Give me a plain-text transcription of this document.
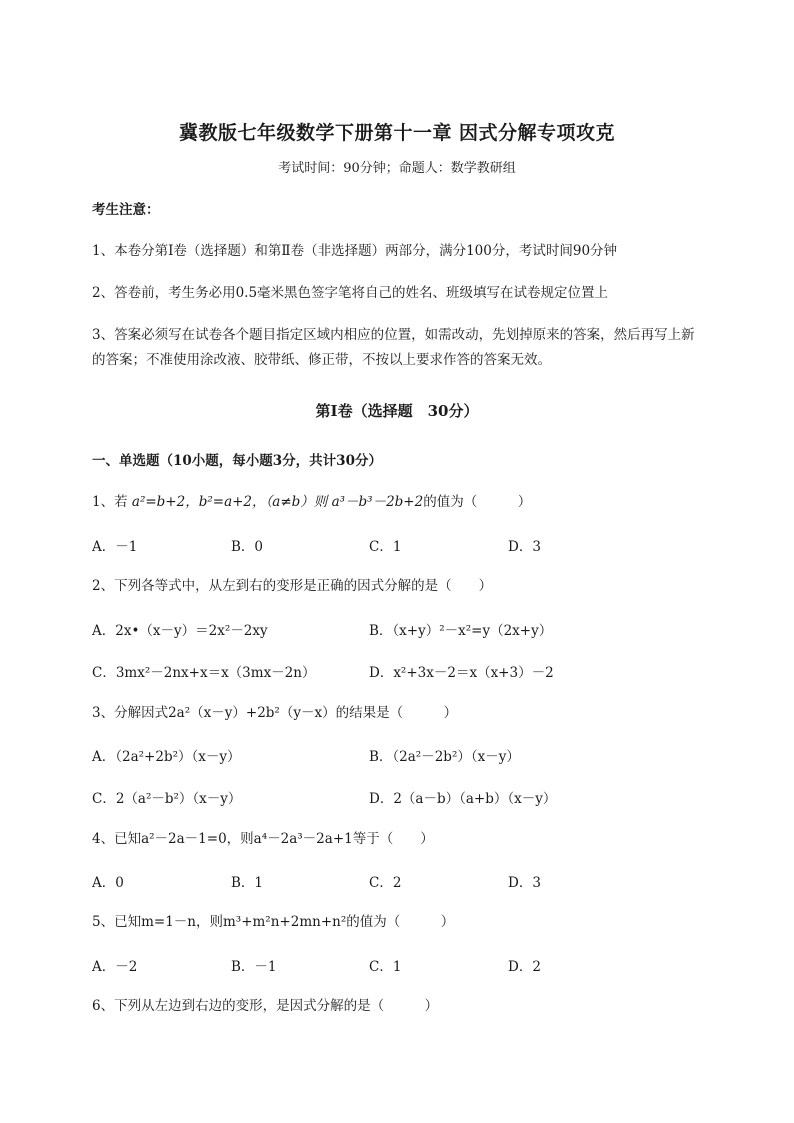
冀教版七年级数学下册第十一章 因式分解专项攻克
考试时间：90分钟；命题人：数学教研组
考生注意：
1、本卷分第Ⅰ卷（选择题）和第Ⅱ卷（非选择题）两部分，满分100分，考试时间90分钟
2、答卷前，考生务必用0.5毫米黑色签字笔将自己的姓名、班级填写在试卷规定位置上
3、答案必须写在试卷各个题目指定区域内相应的位置，如需改动，先划掉原来的答案，然后再写上新
的答案；不准使用涂改液、胶带纸、修正带，不按以上要求作答的答案无效。
第Ⅰ卷（选择题　30分）
一、单选题（10小题，每小题3分，共计30分）
1、若 a²=b+2，b²=a+2，（a≠b）则 a³－b³－2b+2的值为（　　　）
A．－1	B．0	C．1	D．3
2、下列各等式中，从左到右的变形是正确的因式分解的是（　　）
A．2x•（x－y）＝2x²－2xy	B．（x+y）²－x²=y（2x+y）
C．3mx²－2nx+x＝x（3mx－2n）	D．x²+3x－2＝x（x+3）－2
3、分解因式2a²（x－y）+2b²（y－x）的结果是（　　　）
A．（2a²+2b²）（x－y）	B．（2a²－2b²）（x－y）
C．2（a²－b²）（x－y）	D．2（a－b）（a+b）（x－y）
4、已知a²－2a－1=0，则a⁴－2a³－2a+1等于（　　）
A．0	B．1	C．2	D．3
5、已知m=1－n，则m³+m²n+2mn+n²的值为（　　　）
A．－2	B．－1	C．1	D．2
6、下列从左边到右边的变形，是因式分解的是（　　　）
